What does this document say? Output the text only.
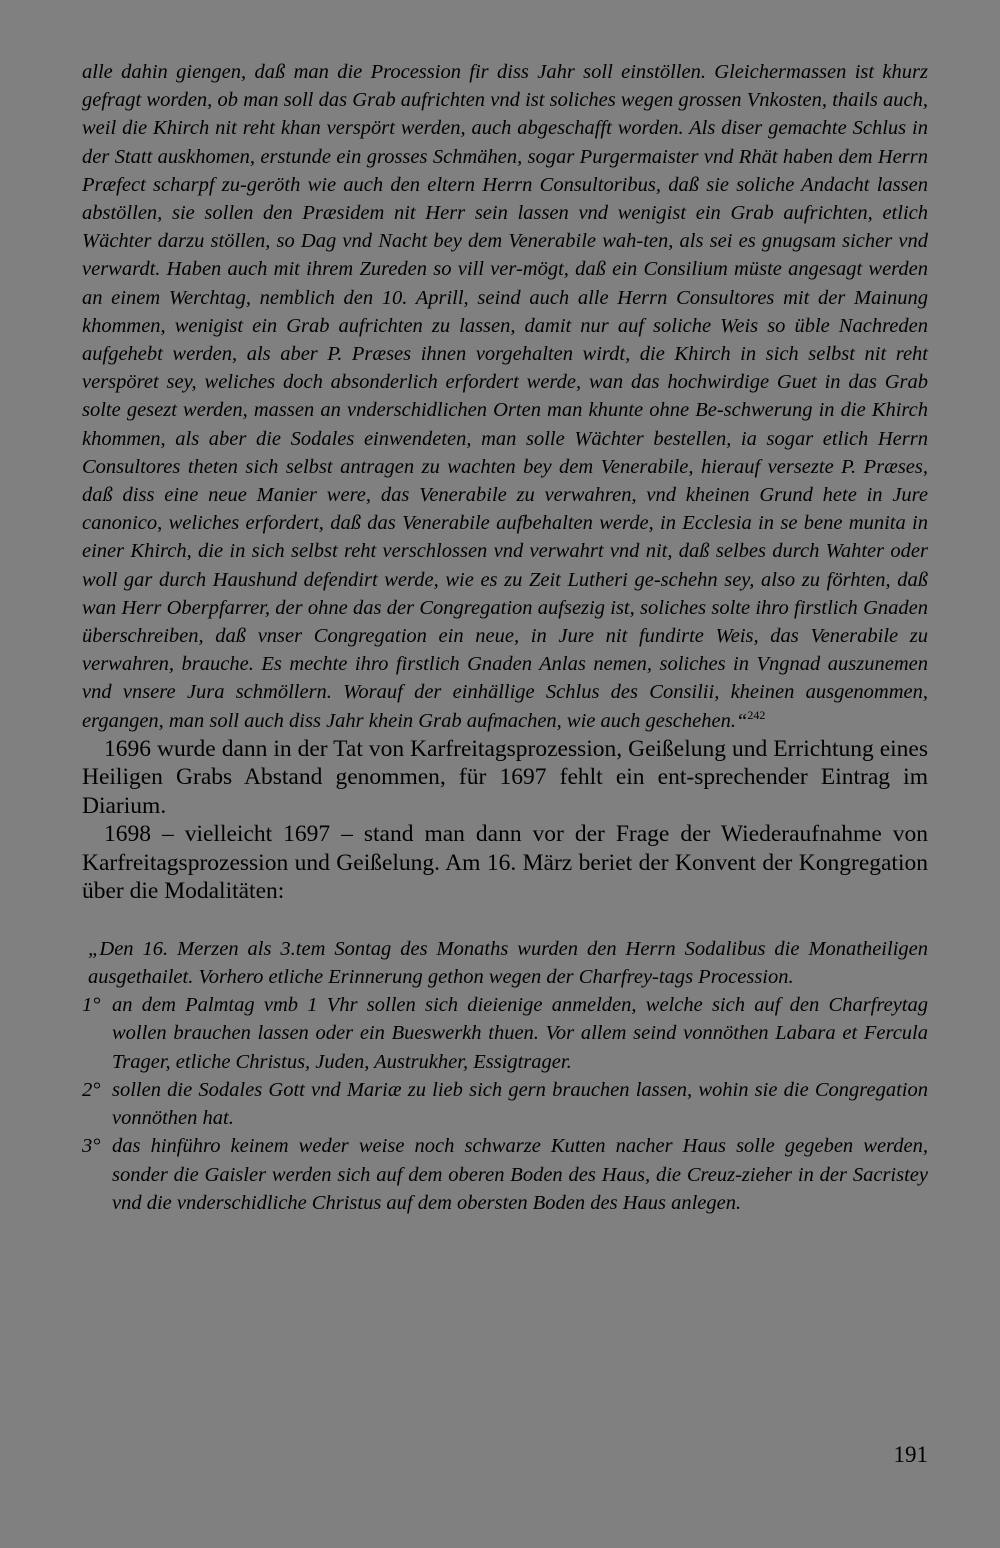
alle dahin giengen, daß man die Procession fir diss Jahr soll einstöllen. Gleichermassen ist khurz gefragt worden, ob man soll das Grab aufrichten vnd ist soliches wegen grossen Vnkosten, thails auch, weil die Khirch nit reht khan verspört werden, auch abgeschafft worden. Als diser gemachte Schlus in der Statt auskhomen, erstunde ein grosses Schmähen, sogar Purgermaister vnd Rhät haben dem Herrn Præfect scharpf zu-geröth wie auch den eltern Herrn Consultoribus, daß sie soliche Andacht lassen abstöllen, sie sollen den Præsidem nit Herr sein lassen vnd wenigist ein Grab aufrichten, etlich Wächter darzu stöllen, so Dag vnd Nacht bey dem Venerabile wah-ten, als sei es gnugsam sicher vnd verwardt. Haben auch mit ihrem Zureden so vill ver-mögt, daß ein Consilium müste angesagt werden an einem Werchtag, nemblich den 10. Aprill, seind auch alle Herrn Consultores mit der Mainung khommen, wenigist ein Grab aufrichten zu lassen, damit nur auf soliche Weis so üble Nachreden aufgehebt werden, als aber P. Præses ihnen vorgehalten wirdt, die Khirch in sich selbst nit reht verspöret sey, weliches doch absonderlich erfordert werde, wan das hochwirdige Guet in das Grab solte gesezt werden, massen an vnderschidlichen Orten man khunte ohne Be-schwerung in die Khirch khommen, als aber die Sodales einwendeten, man solle Wächter bestellen, ia sogar etlich Herrn Consultores theten sich selbst antragen zu wachten bey dem Venerabile, hierauf versezte P. Præses, daß diss eine neue Manier were, das Venerabile zu verwahren, vnd kheinen Grund hete in Jure canonico, weliches erfordert, daß das Venerabile aufbehalten werde, in Ecclesia in se bene munita in einer Khirch, die in sich selbst reht verschlossen vnd verwahrt vnd nit, daß selbes durch Wahter oder woll gar durch Haushund defendirt werde, wie es zu Zeit Lutheri ge-schehn sey, also zu förhten, daß wan Herr Oberpfarrer, der ohne das der Congregation aufsezig ist, soliches solte ihro firstlich Gnaden überschreiben, daß vnser Congregation ein neue, in Jure nit fundirte Weis, das Venerabile zu verwahren, brauche. Es mechte ihro firstlich Gnaden Anlas nemen, soliches in Vngnad auszunemen vnd vnsere Jura schmöllern. Worauf der einhällige Schlus des Consilii, kheinen ausgenommen, ergangen, man soll auch diss Jahr khein Grab aufmachen, wie auch geschehen.“$^{242}$

1696 wurde dann in der Tat von Karfreitagsprozession, Geißelung und Errichtung eines Heiligen Grabs Abstand genommen, für 1697 fehlt ein ent-sprechender Eintrag im Diarium.

1698 – vielleicht 1697 – stand man dann vor der Frage der Wiederaufnahme von Karfreitagsprozession und Geißelung. Am 16. März beriet der Konvent der Kongregation über die Modalitäten:

„Den 16. Merzen als 3.tem Sontag des Monaths wurden den Herrn Sodalibus die Monatheiligen ausgethailet. Vorhero etliche Erinnerung gethon wegen der Charfrey-tags Procession.

1° an dem Palmtag vmb 1 Vhr sollen sich dieienige anmelden, welche sich auf den Charfreytag wollen brauchen lassen oder ein Bueswerkh thuen. Vor allem seind vonnöthen Labara et Fercula Trager, etliche Christus, Juden, Austrukher, Essigtrager.
2° sollen die Sodales Gott vnd Mariæ zu lieb sich gern brauchen lassen, wohin sie die Congregation vonnöthen hat.
3° das hinführo keinem weder weise noch schwarze Kutten nacher Haus solle gegeben werden, sonder die Gaisler werden sich auf dem oberen Boden des Haus, die Creuz-zieher in der Sacristey vnd die vnderschidliche Christus auf dem obersten Boden des Haus anlegen.
191
